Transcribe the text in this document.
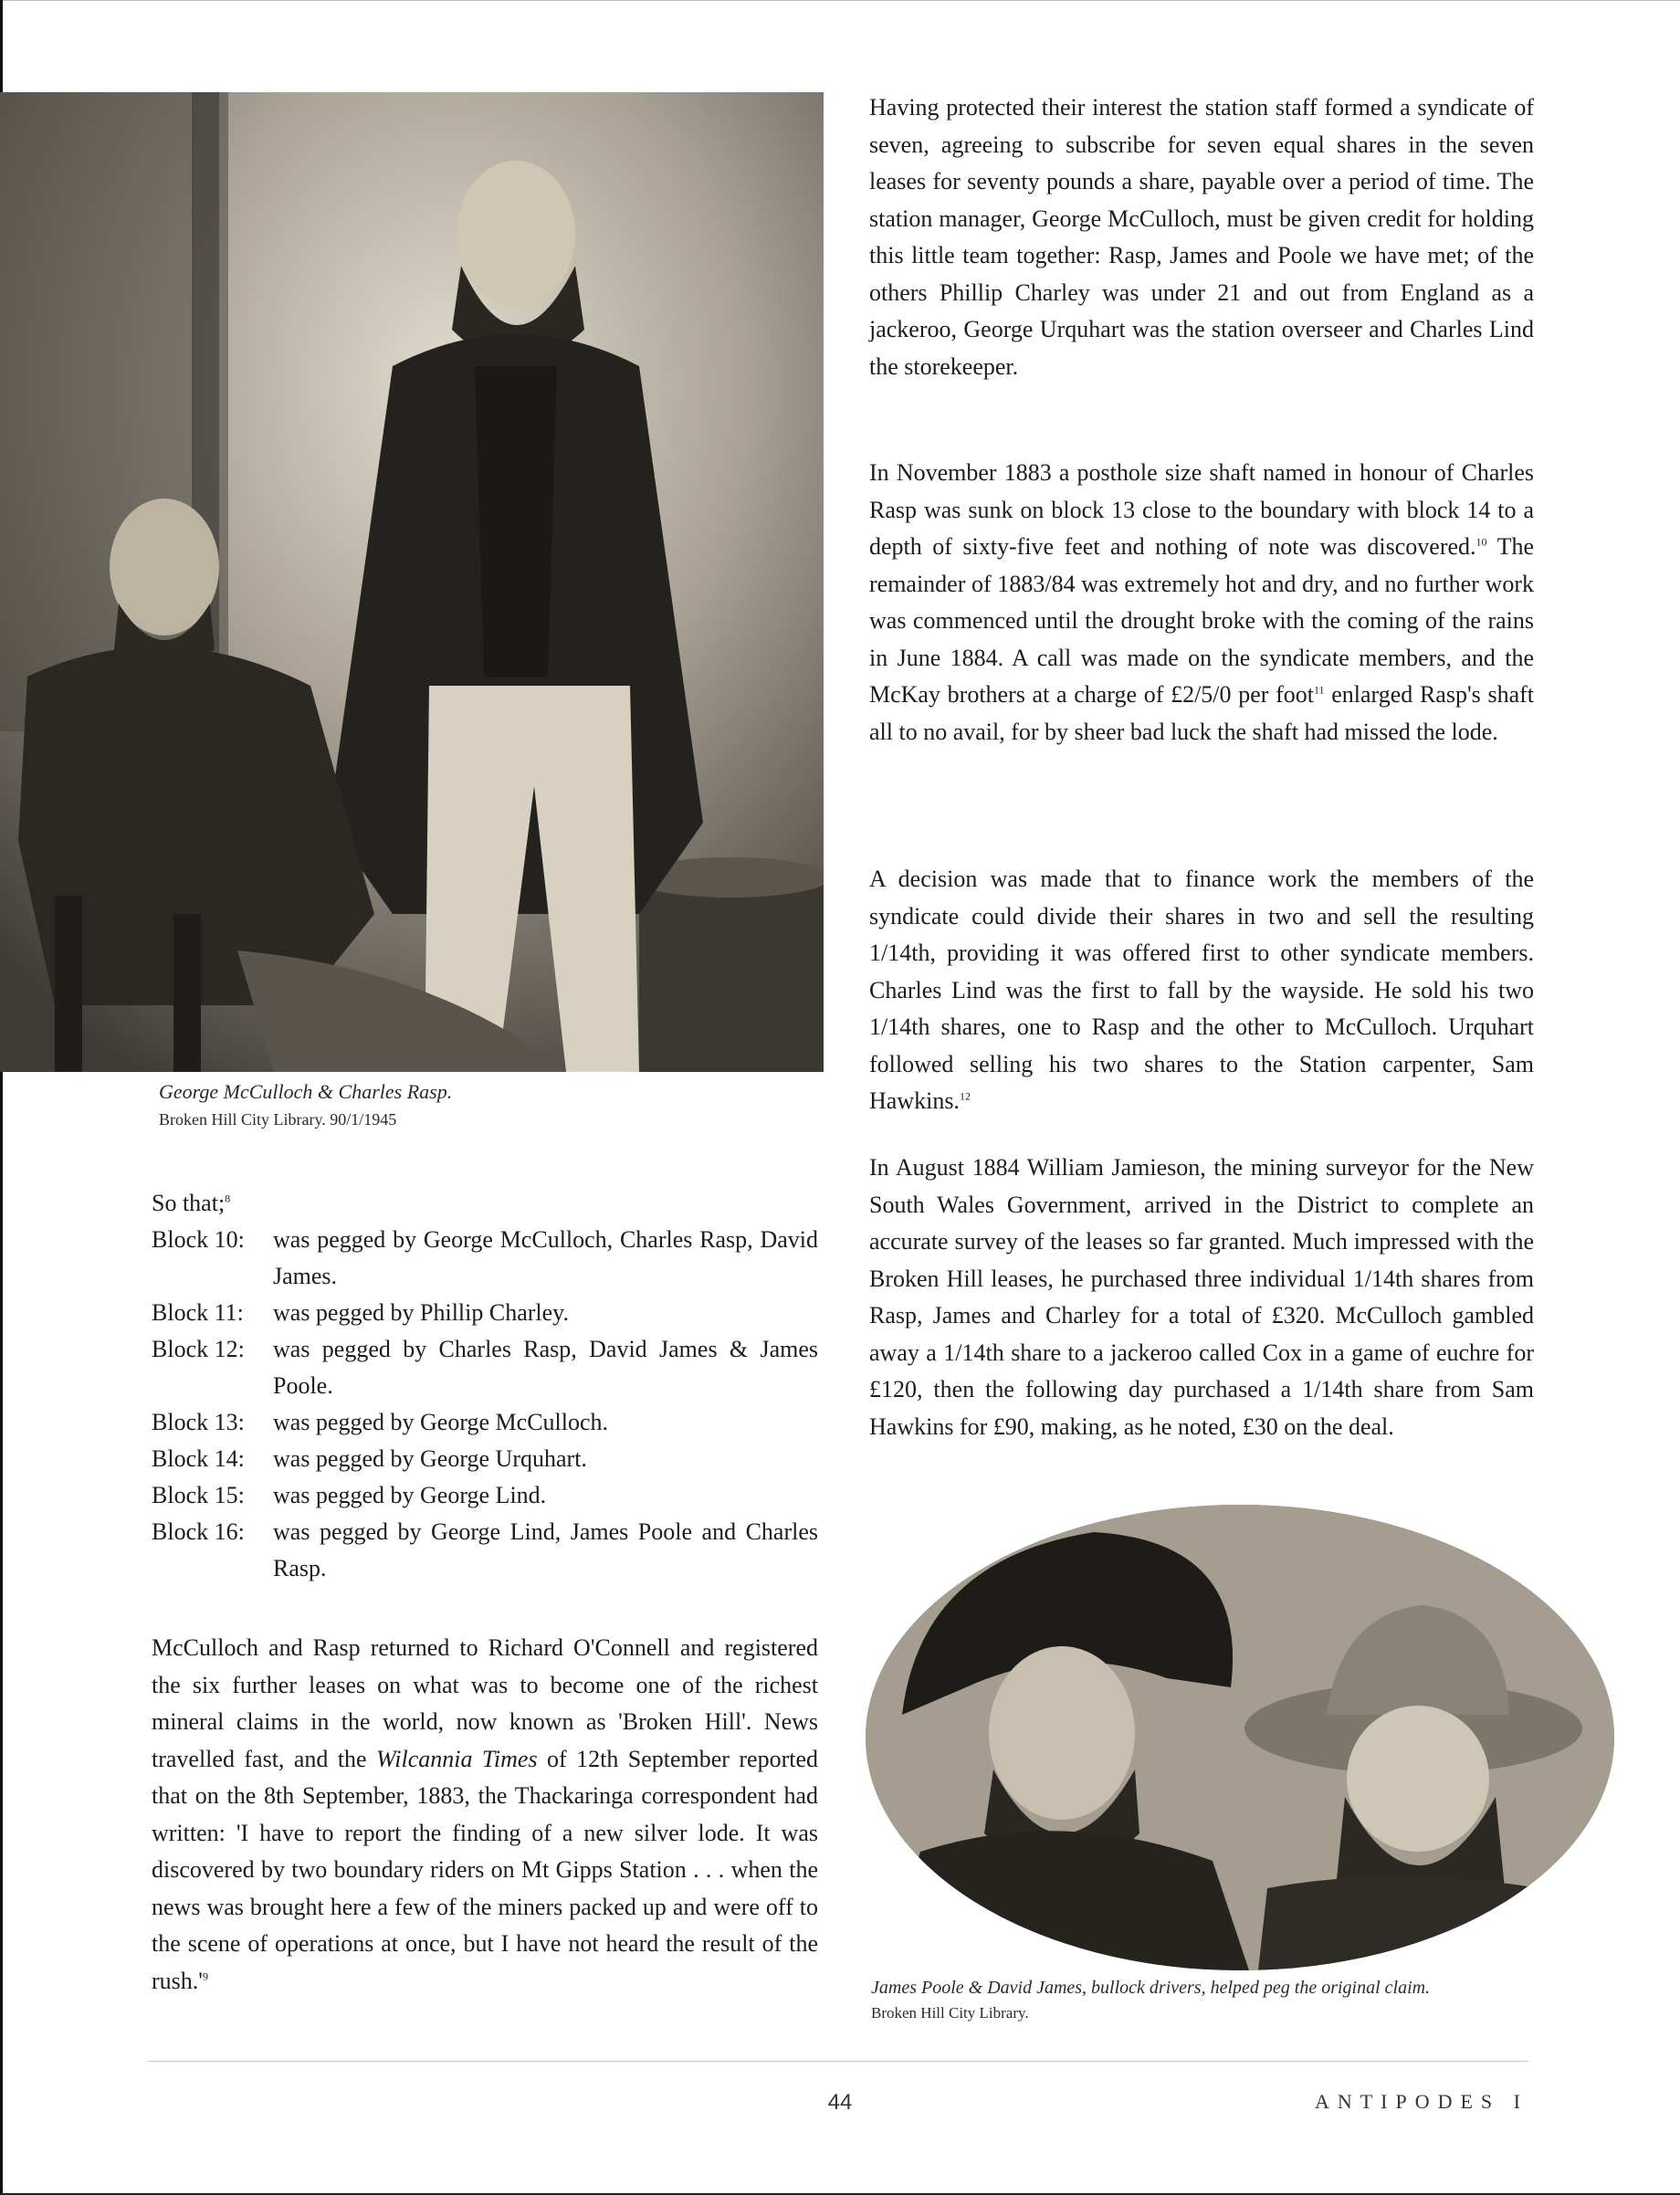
George McCulloch & Charles Rasp.
Broken Hill City Library. 90/1/1945

So that;$^8$

Block 10:	was pegged by George McCulloch, Charles Rasp, David James.
Block 11:	was pegged by Phillip Charley.
Block 12:	was pegged by Charles Rasp, David James & James Poole.
Block 13:	was pegged by George McCulloch.
Block 14:	was pegged by George Urquhart.
Block 15:	was pegged by George Lind.
Block 16:	was pegged by George Lind, James Poole and Charles Rasp.

McCulloch and Rasp returned to Richard O'Connell and registered the six further leases on what was to become one of the richest mineral claims in the world, now known as 'Broken Hill'. News travelled fast, and the Wilcannia Times of 12th September reported that on the 8th September, 1883, the Thackaringa correspondent had written: 'I have to report the finding of a new silver lode. It was discovered by two boundary riders on Mt Gipps Station . . . when the news was brought here a few of the miners packed up and were off to the scene of operations at once, but I have not heard the result of the $rush.'^9$

Having protected their interest the station staff formed a syndicate of seven, agreeing to subscribe for seven equal shares in the seven leases for seventy pounds a share, payable over a period of time. The station manager, George McCulloch, must be given credit for holding this little team together: Rasp, James and Poole we have met; of the others Phillip Charley was under 21 and out from England as a jackeroo, George Urquhart was the station overseer and Charles Lind the storekeeper.

In November 1883 a posthole size shaft named in honour of Charles Rasp was sunk on block 13 close to the boundary with block 14 to a depth of sixty-five feet and nothing of note was discovered.$^{10}$ The remainder of 1883/84 was extremely hot and dry, and no further work was commenced until the drought broke with the coming of the rains in June 1884. A call was made on the syndicate members, and the McKay brothers at a charge of £2/5/0 per foot$^{11}$ enlarged Rasp's shaft all to no avail, for by sheer bad luck the shaft had missed the lode.

A decision was made that to finance work the members of the syndicate could divide their shares in two and sell the resulting 1/14th, providing it was offered first to other syndicate members. Charles Lind was the first to fall by the wayside. He sold his two 1/14th shares, one to Rasp and the other to McCulloch. Urquhart followed selling his two shares to the Station carpenter, Sam Hawkins.$^{12}$

In August 1884 William Jamieson, the mining surveyor for the New South Wales Government, arrived in the District to complete an accurate survey of the leases so far granted. Much impressed with the Broken Hill leases, he purchased three individual 1/14th shares from Rasp, James and Charley for a total of £320. McCulloch gambled away a 1/14th share to a jackeroo called Cox in a game of euchre for £120, then the following day purchased a 1/14th share from Sam Hawkins for £90, making, as he noted, £30 on the deal.

James Poole & David James, bullock drivers, helped peg the original claim.
Broken Hill City Library.
44	ANTIPODES I
